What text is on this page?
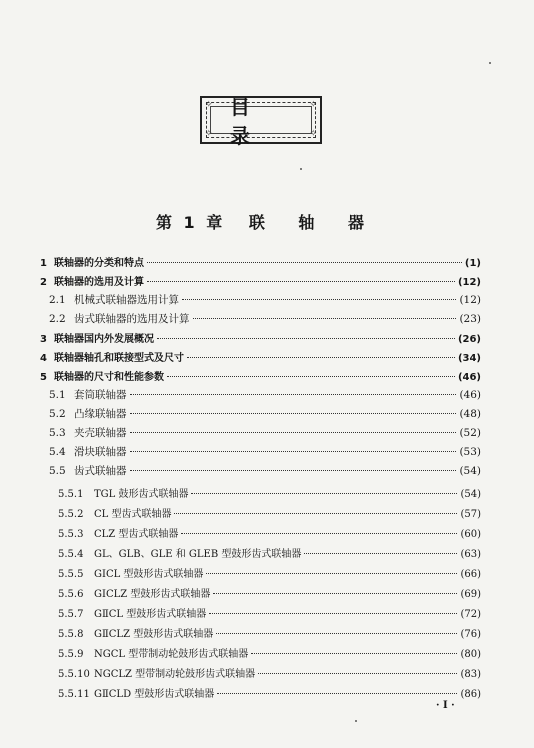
✧	✧
✧	✧
目 录
第 1 章 联 轴 器
1 联轴器的分类和特点	(1)
2 联轴器的选用及计算	(12)
2.1 机械式联轴器选用计算	(12)
2.2 齿式联轴器的选用及计算	(23)
3 联轴器国内外发展概况	(26)
4 联轴器轴孔和联接型式及尺寸	(34)
5 联轴器的尺寸和性能参数	(46)
5.1 套筒联轴器	(46)
5.2 凸缘联轴器	(48)
5.3 夹壳联轴器	(52)
5.4 滑块联轴器	(53)
5.5 齿式联轴器	(54)
5.5.1	TGL 鼓形齿式联轴器	(54)
5.5.2	CL 型齿式联轴器	(57)
5.5.3	CLZ 型齿式联轴器	(60)
5.5.4	GL、GLB、GLE 和 GLEB 型鼓形齿式联轴器	(63)
5.5.5	GICL 型鼓形齿式联轴器	(66)
5.5.6	GICLZ 型鼓形齿式联轴器	(69)
5.5.7	GⅡCL 型鼓形齿式联轴器	(72)
5.5.8	GⅡCLZ 型鼓形齿式联轴器	(76)
5.5.9	NGCL 型带制动轮鼓形齿式联轴器	(80)
5.5.10 NGCLZ 型带制动轮鼓形齿式联轴器	(83)
5.5.11 GⅡCLD 型鼓形齿式联轴器	(86)
· I ·
